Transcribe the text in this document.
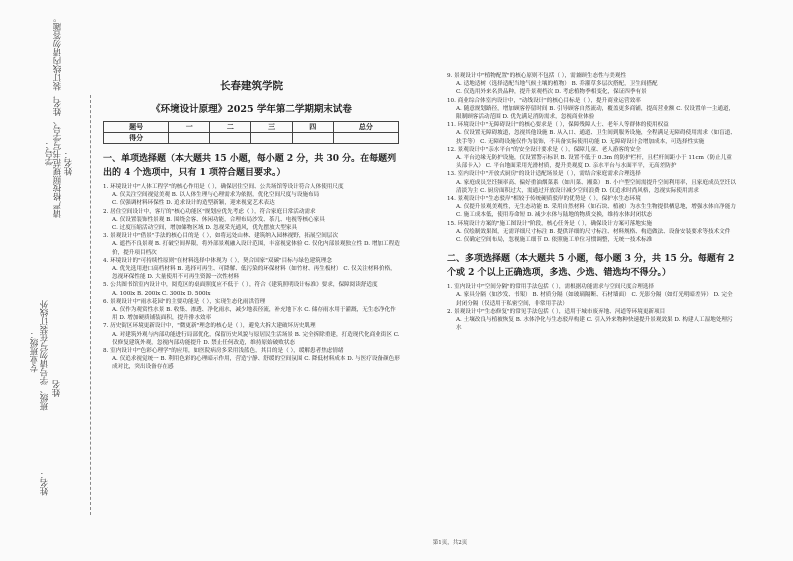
学号：
请严格按照规范书写学号、姓名，装订线内请勿答题。 姓名：
专业班级： 班级、学号请勿写在装订线外 姓名
姓名：
长春建筑学院
《环境设计原理》2025 学年第二学期期末试卷
题号	一	二	三	四	总分
得分					
一、单项选择题（本大题共 15 小题，每小题 2 分，共 30 分。在每题列出的 4 个选项中，只有 1 项符合题目要求。）

1. 环境设计中"人体工程学"的核心作用是（ ），确保居住空间、公共场馆等设计符合人体使用尺度

A. 仅关注空间视觉美观 B. 以人体生理与心理需求为依据，优化空间尺度与设施布局

C. 仅强调材料环保性 D. 追求设计的造型新颖，迎来视觉艺术表达

2. 居住空间设计中，客厅的"核心功能区"规划应优先考虑（ ），符合家庭日常活动需求

A. 仅设置装饰性景观 B. 围绕会客、休闲功能，合理布局沙发、茶几、电视等核心家具

C. 过度压缩活动空间，增加储物区域 D. 忽视采光通风，优先摆放大型家具

3. 景观设计中"借景"手法的核心目的是（ ），如将远处山林、建筑纳入园林视野，拓展空间层次

A. 遮挡不良景观 B. 打破空间界限，将外部景观融入设计范围，丰富视觉体验 C. 仅化内部景观独立性 D. 增加工程造价，提升项目档次

4. 环境设计的"可持续性原则"在材料选择中体现为（ ），契合国家"双碳"目标与绿色建筑理念

A. 优先选用进口高档材料 B. 选择可再生、可降解、低污染的环保材料（如竹材、再生板材） C. 仅关注材料价格，忽视环保性能 D. 大量使用不可再生资源一次性材料

5. 公共图书馆室内设计中，阅览区的桌面照度应不低于（ ），符合《建筑照明设计标准》要求，保障阅读舒适度

A. 100lx B. 200lx C. 300lx D. 500lx

6. 景观设计中"雨水花园"的主要功能是（ ），实现生态化雨洪管理

A. 仅作为观赏性水景 B. 收集、渗透、净化雨水，减少地表径流，补充地下水 C. 储存雨水用于灌溉，无生态净化作用 D. 增加硬质铺装面积，提升排水效率

7. 历史街区环境更新设计中，"微更新"理念的核心是（ ），避免大拆大建破坏历史肌理

A. 对建筑外观与内部功能进行局部优化，保留历史风貌与原居民生活场景 B. 完全拆除重建，打造现代化商业街区 C. 仅修复建筑外观，忽视内部功能提升 D. 禁止任何改造，维持原始破败状态

8. 室内设计中"色彩心理学"的应用，如医院病房多采用浅蓝色，其目的是（ ），缓解患者焦虑情绪

A. 仅追求视觉统一 B. 利用色彩的心理暗示作用，营造宁静、舒缓的空间氛围 C. 降低材料成本 D. 与医疗设备颜色形成对比，突出设备存在感

9. 景观设计中"植物配置"的核心原则不包括（ ），需兼顾生态性与美观性

A. 适地适树（选择适配当地气候土壤的植物） B. 乔灌草多层次搭配，卫生间搭配

C. 仅选用外来名贵品种，提升景观档次 D. 考虑植物季相变化，保证四季有景

10. 商业综合体室内设计中，"动线设计"的核心目标是（ ），提升商业运营效率

A. 随意规划路径，增加顾客停留时间 B. 引导顾客自然流动，覆盖更多商铺，提高营业额 C. 仅设置单一主通道，限制顾客活动范围 D. 优先满足消防需求，忽视商业体验

11. 环境设计中"无障碍设计"的核心要求是（ ），保障残障人士、老年人等群体的使用权益

A. 仅设置无障碍坡道，忽视其他设施 B. 从入口、通道、卫生间到服务设施，全程满足无障碍使用需求（如盲道、扶手等） C. 无障碍设施仅作为装饰，不具备实际使用功能 D. 无障碍设计会增加成本，可选择性实施

12. 景观设计中"亲水平台"的安全设计要求是（ ），保障儿童、老人游客的安全

A. 平台边缘无防护设施，仅设置警示标识 B. 设置不低于 0.3m 的防护栏杆，且栏杆间距小于 11cm（防止儿童头部卡入） C. 平台地面采用光滑材质，提升美观度 D. 亲水平台与水面平平，无高差防护

13. 室内设计中"开放式厨房"的设计适配场景是（ ），需结合家庭需求合理选择

A. 家庭成员烹饪频率高、偏好重油烟菜系（如川菜、湘菜） B. 小户型空间需提升空间利用率，且家庭成员烹饪以清淡为主 C. 厨房面积过大，需通过开放设计减少空间浪费 D. 仅追求时尚风格，忽视实际使用需求

14. 景观设计中"生态驳岸"相较于传统硬质驳岸的优势是（ ），保护水生态环境

A. 仅提升景观美观性，无生态功能 B. 采用自然材料（如石块、植被）为水生生物提供栖息地，增强水体自净能力 C. 施工成本低，使用寿命短 D. 减少水体与陆地的物质交换，维持水体封闭状态

15. 环境设计方案的"施工图设计"阶段，核心任务是（ ），确保设计方案可落地实施

A. 仅绘制效果图，无需详细尺寸标注 B. 提供详细的尺寸标注、材料规格、构造做法、设备安装要求等技术文件 C. 仅确定空间布局，忽视施工细节 D. 依照施工单位习惯调整，无统一技术标准

二、多项选择题（本大题共 5 小题，每小题 3 分，共 15 分。每题有 2 个或 2 个以上正确选项，多选、少选、错选均不得分。）

1. 室内设计中"空间分隔"的常用手法包括（ ），需根据功能需求与空间尺度合理选择

A. 家具分隔（如沙发、书架） B. 材质分隔（如玻璃隔断、石材墙面） C. 光影分隔（如灯光明暗差异） D. 完全封闭分隔（仅适用于私密空间，非常用手法）

2. 景观设计中"生态修复"的常见手法包括（ ），适用于城市废弃地、河道等环境更新项目

A. 土壤改良与植被恢复 B. 水体净化与生态驳岸构建 C. 引入外来物种快速提升景观效果 D. 构建人工湿地处理污水

第1页，共2页
